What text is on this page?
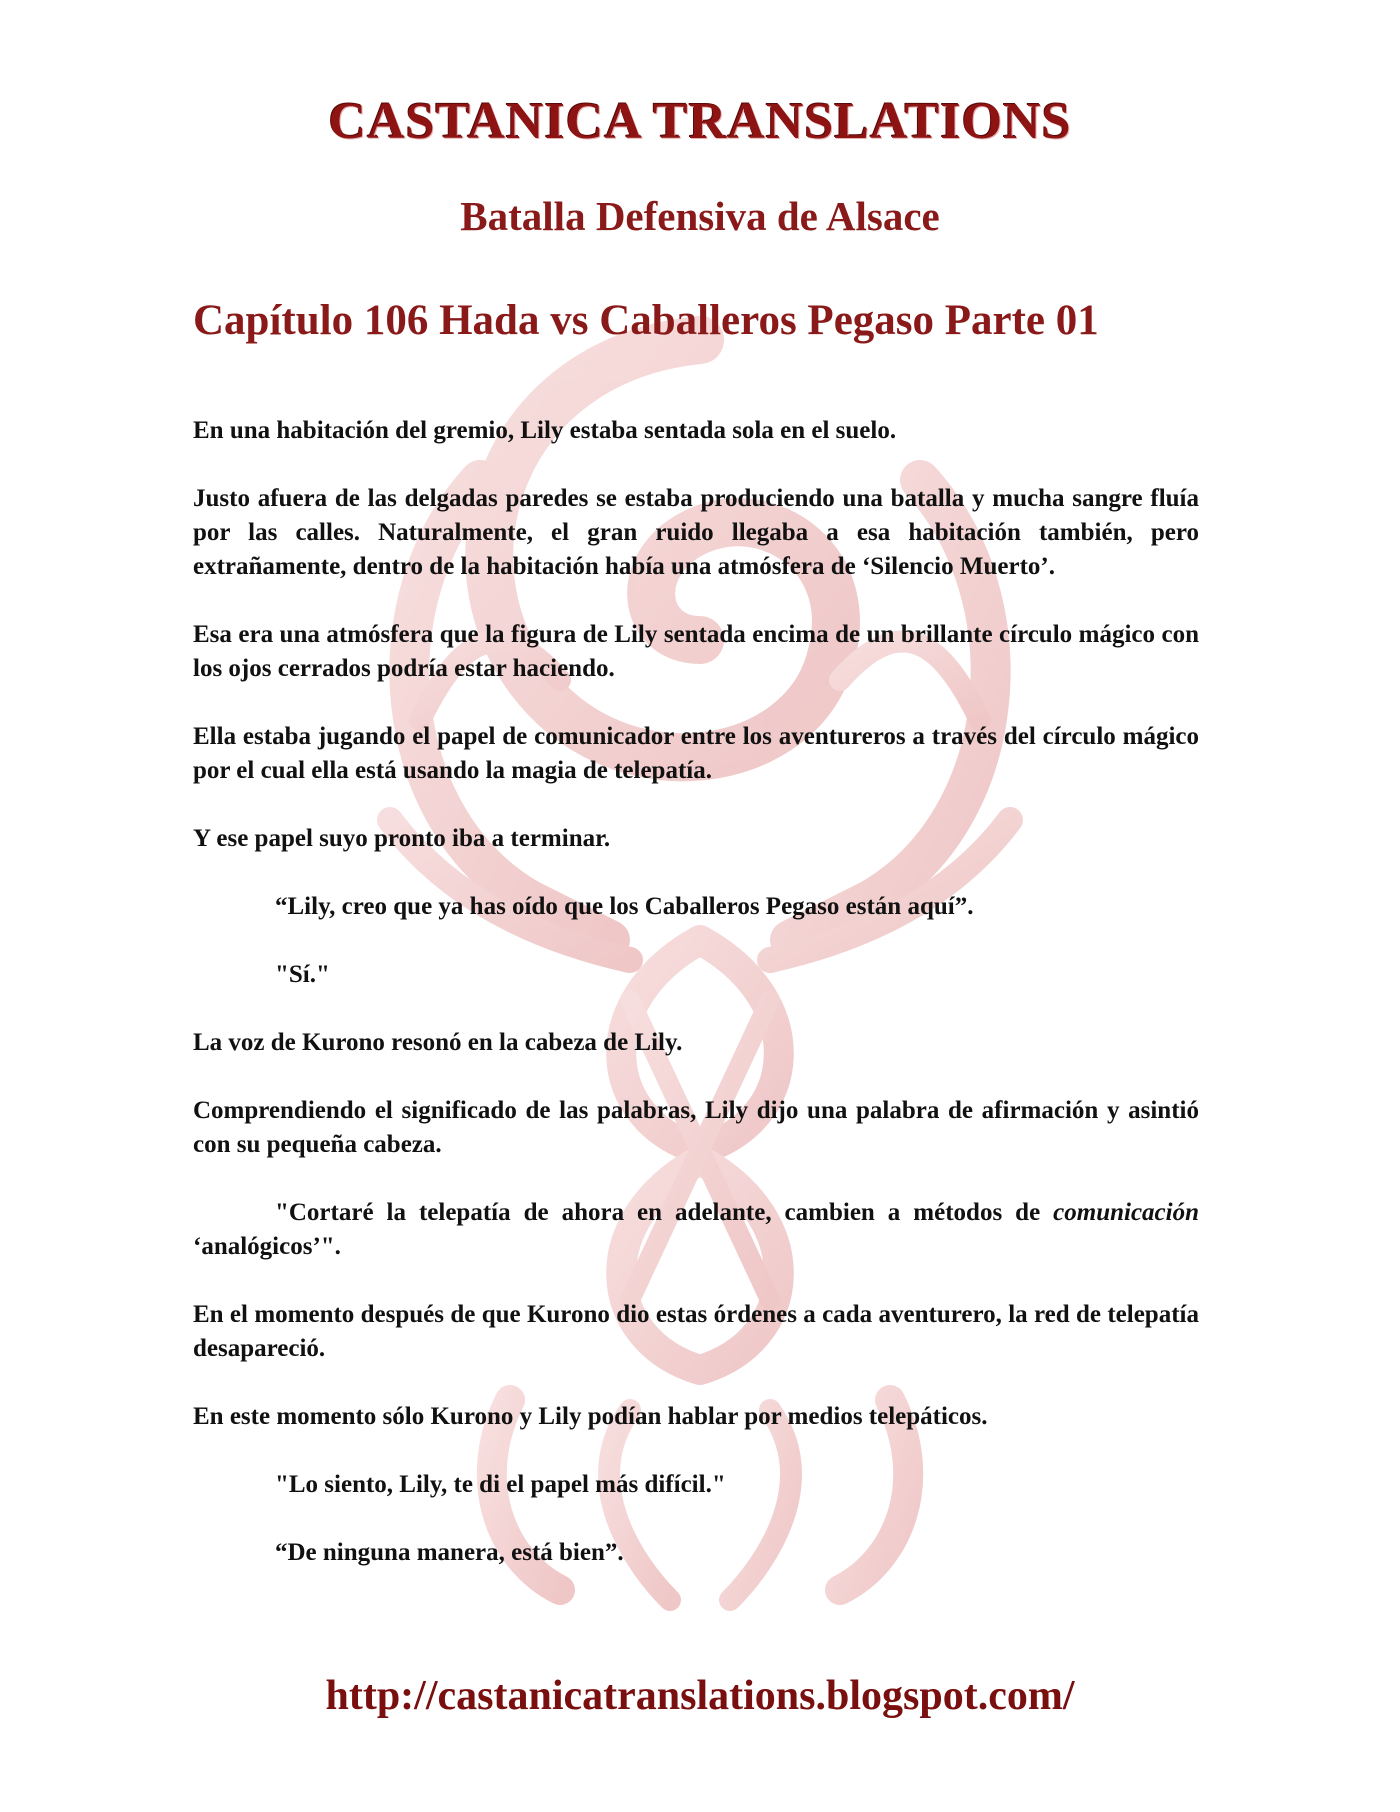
CASTANICA TRANSLATIONS
Batalla Defensiva de Alsace
Capítulo 106 Hada vs Caballeros Pegaso Parte 01

En una habitación del gremio, Lily estaba sentada sola en el suelo.

Justo afuera de las delgadas paredes se estaba produciendo una batalla y mucha sangre fluía por las calles. Naturalmente, el gran ruido llegaba a esa habitación también, pero extrañamente, dentro de la habitación había una atmósfera de ‘Silencio Muerto’.

Esa era una atmósfera que la figura de Lily sentada encima de un brillante círculo mágico con los ojos cerrados podría estar haciendo.

Ella estaba jugando el papel de comunicador entre los aventureros a través del círculo mágico por el cual ella está usando la magia de telepatía.

Y ese papel suyo pronto iba a terminar.

“Lily, creo que ya has oído que los Caballeros Pegaso están aquí”.

"Sí."

La voz de Kurono resonó en la cabeza de Lily.

Comprendiendo el significado de las palabras, Lily dijo una palabra de afirmación y asintió con su pequeña cabeza.

"Cortaré la telepatía de ahora en adelante, cambien a métodos de comunicación ‘analógicos’".

En el momento después de que Kurono dio estas órdenes a cada aventurero, la red de telepatía desapareció.

En este momento sólo Kurono y Lily podían hablar por medios telepáticos.

"Lo siento, Lily, te di el papel más difícil."

“De ninguna manera, está bien”.

http://castanicatranslations.blogspot.com/
